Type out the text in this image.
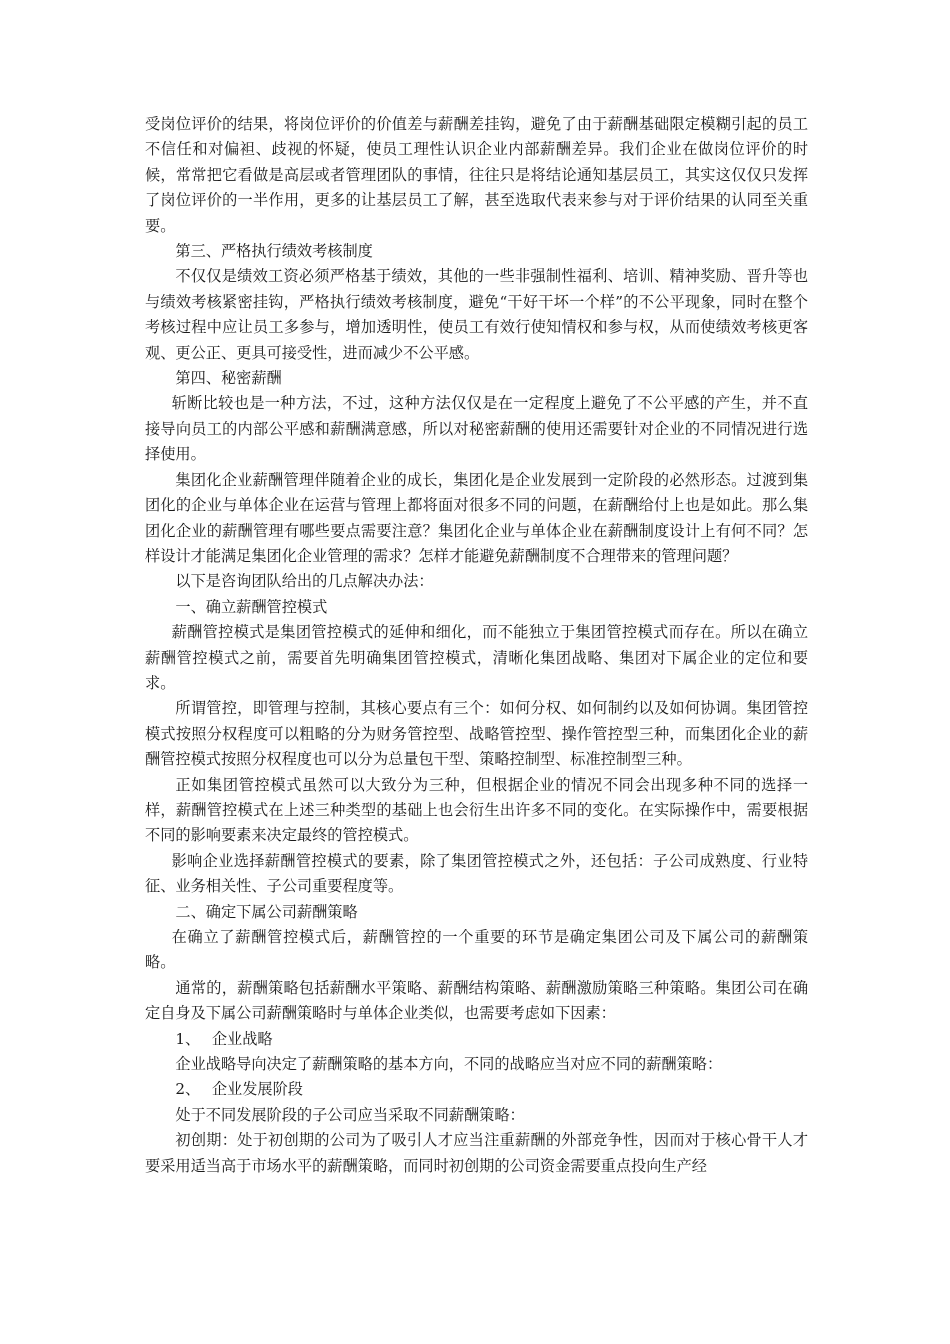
受岗位评价的结果，将岗位评价的价值差与薪酬差挂钩，避免了由于薪酬基础限定模糊引起的员工不信任和对偏袒、歧视的怀疑，使员工理性认识企业内部薪酬差异。我们企业在做岗位评价的时候，常常把它看做是高层或者管理团队的事情，往往只是将结论通知基层员工，其实这仅仅只发挥了岗位评价的一半作用，更多的让基层员工了解，甚至选取代表来参与对于评价结果的认同至关重要。

第三、严格执行绩效考核制度

不仅仅是绩效工资必须严格基于绩效，其他的一些非强制性福利、培训、精神奖励、晋升等也与绩效考核紧密挂钩，严格执行绩效考核制度，避免“干好干坏一个样”的不公平现象，同时在整个考核过程中应让员工多参与，增加透明性，使员工有效行使知情权和参与权，从而使绩效考核更客观、更公正、更具可接受性，进而减少不公平感。

第四、秘密薪酬

斩断比较也是一种方法，不过，这种方法仅仅是在一定程度上避免了不公平感的产生，并不直接导向员工的内部公平感和薪酬满意感，所以对秘密薪酬的使用还需要针对企业的不同情况进行选择使用。

集团化企业薪酬管理伴随着企业的成长，集团化是企业发展到一定阶段的必然形态。过渡到集团化的企业与单体企业在运营与管理上都将面对很多不同的问题，在薪酬给付上也是如此。那么集团化企业的薪酬管理有哪些要点需要注意？集团化企业与单体企业在薪酬制度设计上有何不同？怎样设计才能满足集团化企业管理的需求？怎样才能避免薪酬制度不合理带来的管理问题？

以下是咨询团队给出的几点解决办法：

一、确立薪酬管控模式

薪酬管控模式是集团管控模式的延伸和细化，而不能独立于集团管控模式而存在。所以在确立薪酬管控模式之前，需要首先明确集团管控模式，清晰化集团战略、集团对下属企业的定位和要求。

所谓管控，即管理与控制，其核心要点有三个：如何分权、如何制约以及如何协调。集团管控模式按照分权程度可以粗略的分为财务管控型、战略管控型、操作管控型三种，而集团化企业的薪酬管控模式按照分权程度也可以分为总量包干型、策略控制型、标准控制型三种。

正如集团管控模式虽然可以大致分为三种，但根据企业的情况不同会出现多种不同的选择一样，薪酬管控模式在上述三种类型的基础上也会衍生出许多不同的变化。在实际操作中，需要根据不同的影响要素来决定最终的管控模式。

影响企业选择薪酬管控模式的要素，除了集团管控模式之外，还包括：子公司成熟度、行业特征、业务相关性、子公司重要程度等。

二、确定下属公司薪酬策略

在确立了薪酬管控模式后，薪酬管控的一个重要的环节是确定集团公司及下属公司的薪酬策略。

通常的，薪酬策略包括薪酬水平策略、薪酬结构策略、薪酬激励策略三种策略。集团公司在确定自身及下属公司薪酬策略时与单体企业类似，也需要考虑如下因素：

1、 企业战略

企业战略导向决定了薪酬策略的基本方向，不同的战略应当对应不同的薪酬策略：

2、 企业发展阶段

处于不同发展阶段的子公司应当采取不同薪酬策略：

初创期：处于初创期的公司为了吸引人才应当注重薪酬的外部竞争性，因而对于核心骨干人才要采用适当高于市场水平的薪酬策略，而同时初创期的公司资金需要重点投向生产经
